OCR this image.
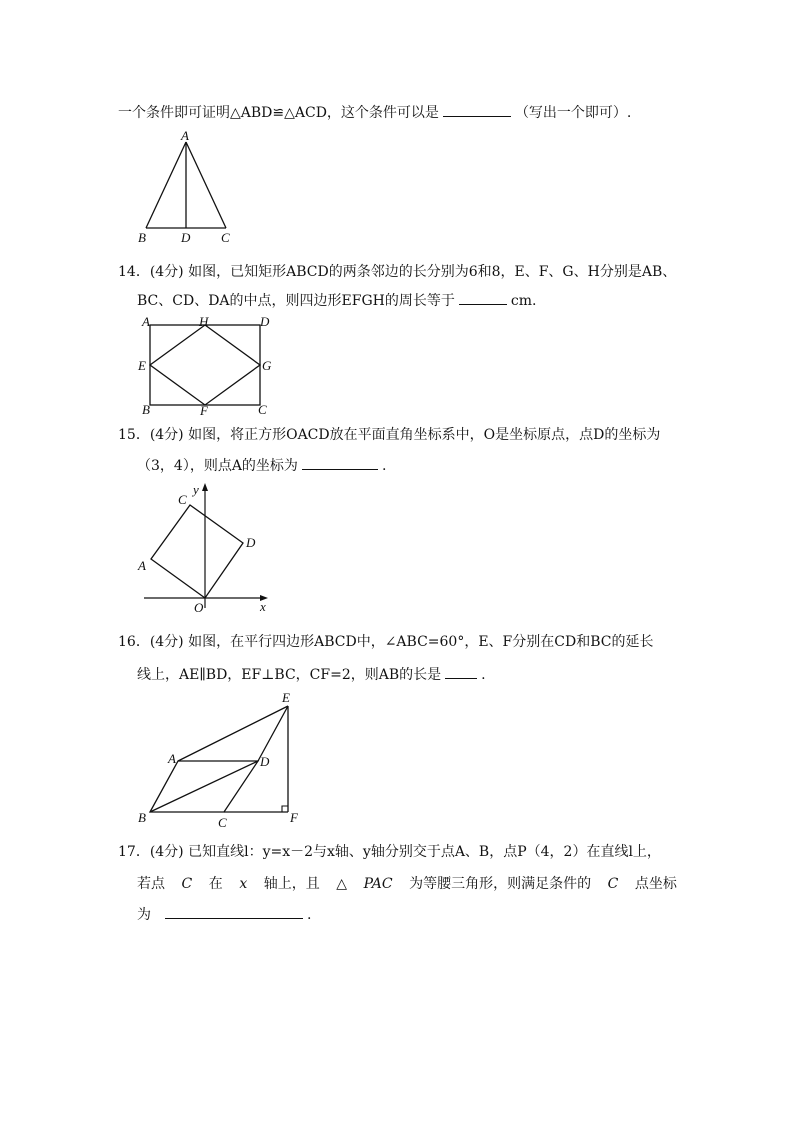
一个条件即可证明△ABD≌△ACD，这个条件可以是	（写出一个即可）.
A
B	D C
14．(4分) 如图，已知矩形ABCD的两条邻边的长分别为6和8，E、F、G、H分别是AB、
BC、CD、DA的中点，则四边形EFGH的周长等于	cm.
A	H	D
E	G
B	F	C
15．(4分) 如图，将正方形OACD放在平面直角坐标系中，O是坐标原点，点D的坐标为
（3，4），则点A的坐标为	.
y
x
C
D
A
O
16．(4分) 如图，在平行四边形ABCD中，∠ABC=60°，E、F分别在CD和BC的延长
线上，AE∥BD，EF⊥BC，CF=2，则AB的长是	.
E
A	D
B	C	F
17．(4分) 已知直线l：y=x－2与x轴、y轴分别交于点A、B，点P（4，2）在直线l上，
若点 C 在 x 轴上，且 △ PAC 为等腰三角形，则满足条件的 C 点坐标
为	.
